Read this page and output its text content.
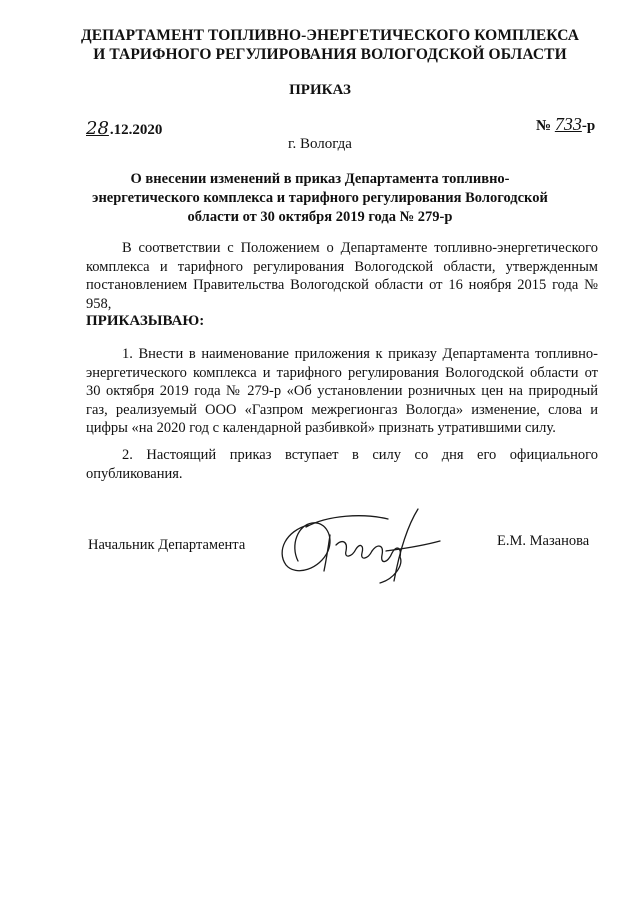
ДЕПАРТАМЕНТ ТОПЛИВНО-ЭНЕРГЕТИЧЕСКОГО КОМПЛЕКСА
И ТАРИФНОГО РЕГУЛИРОВАНИЯ ВОЛОГОДСКОЙ ОБЛАСТИ
ПРИКАЗ
28.12.2020	№ 733-р
г. Вологда
О внесении изменений в приказ Департамента топливно-
энергетического комплекса и тарифного регулирования Вологодской
области от 30 октября 2019 года № 279-р
В соответствии с Положением о Департаменте топливно-энергетического комплекса и тарифного регулирования Вологодской области, утвержденным постановлением Правительства Вологодской области от 16 ноября 2015 года № 958,
ПРИКАЗЫВАЮ:
1. Внести в наименование приложения к приказу Департамента топливно-энергетического комплекса и тарифного регулирования Вологодской области от 30 октября 2019 года № 279-р «Об установлении розничных цен на природный газ, реализуемый ООО «Газпром межрегионгаз Вологда» изменение, слова и цифры «на 2020 год с календарной разбивкой» признать утратившими силу.
2. Настоящий приказ вступает в силу со дня его официального опубликования.
Начальник Департамента	Е.М. Мазанова
